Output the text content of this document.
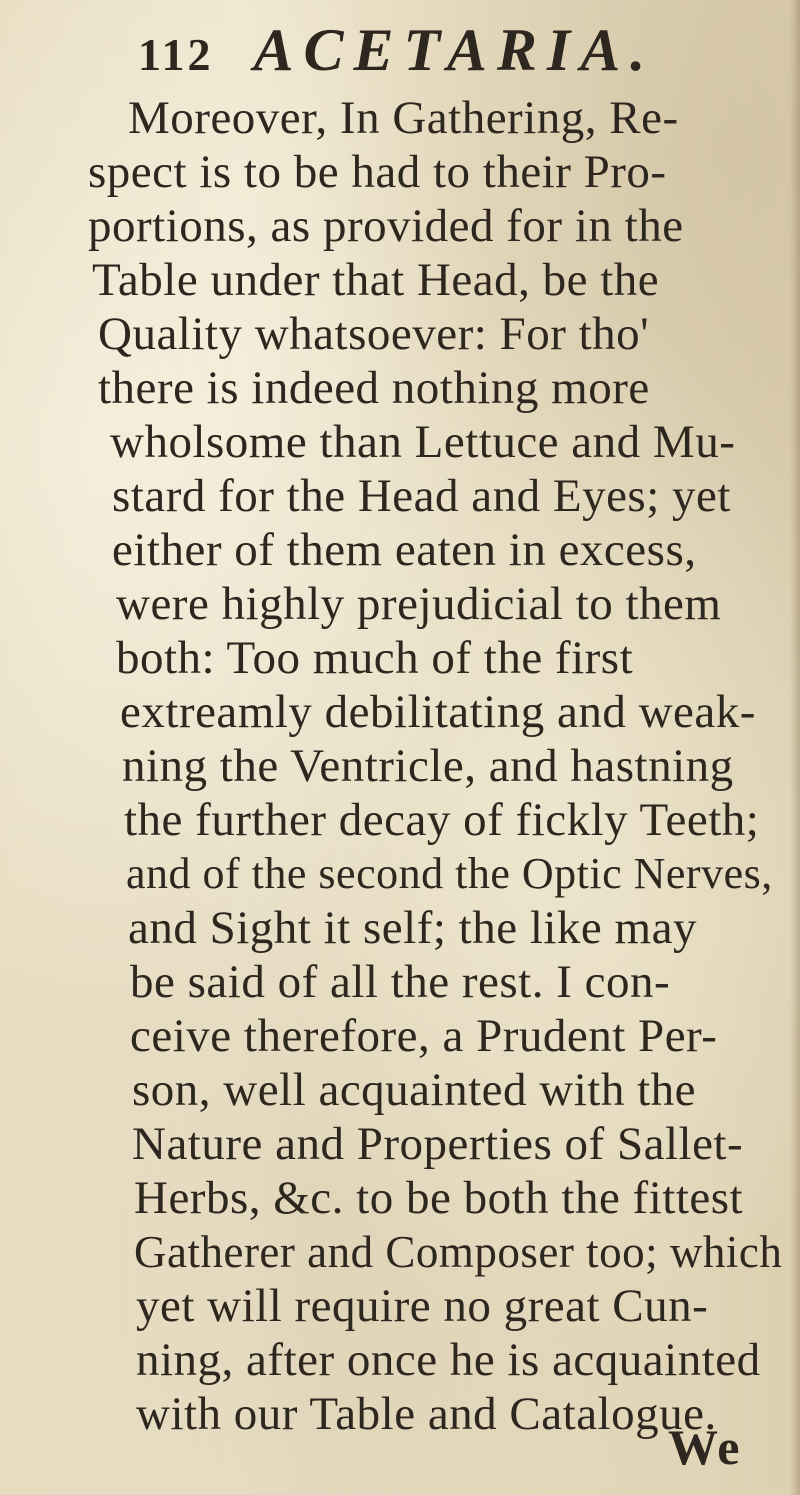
112 ACETARIA.
Moreover, In Gathering, Re-
spect is to be had to their Pro-
portions, as provided for in the
Table under that Head, be the
Quality whatsoever: For tho'
there is indeed nothing more
wholsome than Lettuce and Mu-
stard for the Head and Eyes; yet
either of them eaten in excess,
were highly prejudicial to them
both: Too much of the first
extreamly debilitating and weak-
ning the Ventricle, and hastning
the further decay of fickly Teeth;
and of the second the Optic Nerves,
and Sight it self; the like may
be said of all the rest. I con-
ceive therefore, a Prudent Per-
son, well acquainted with the
Nature and Properties of Sallet-
Herbs, &c. to be both the fittest
Gatherer and Composer too; which
yet will require no great Cun-
ning, after once he is acquainted
with our Table and Catalogue.
We
